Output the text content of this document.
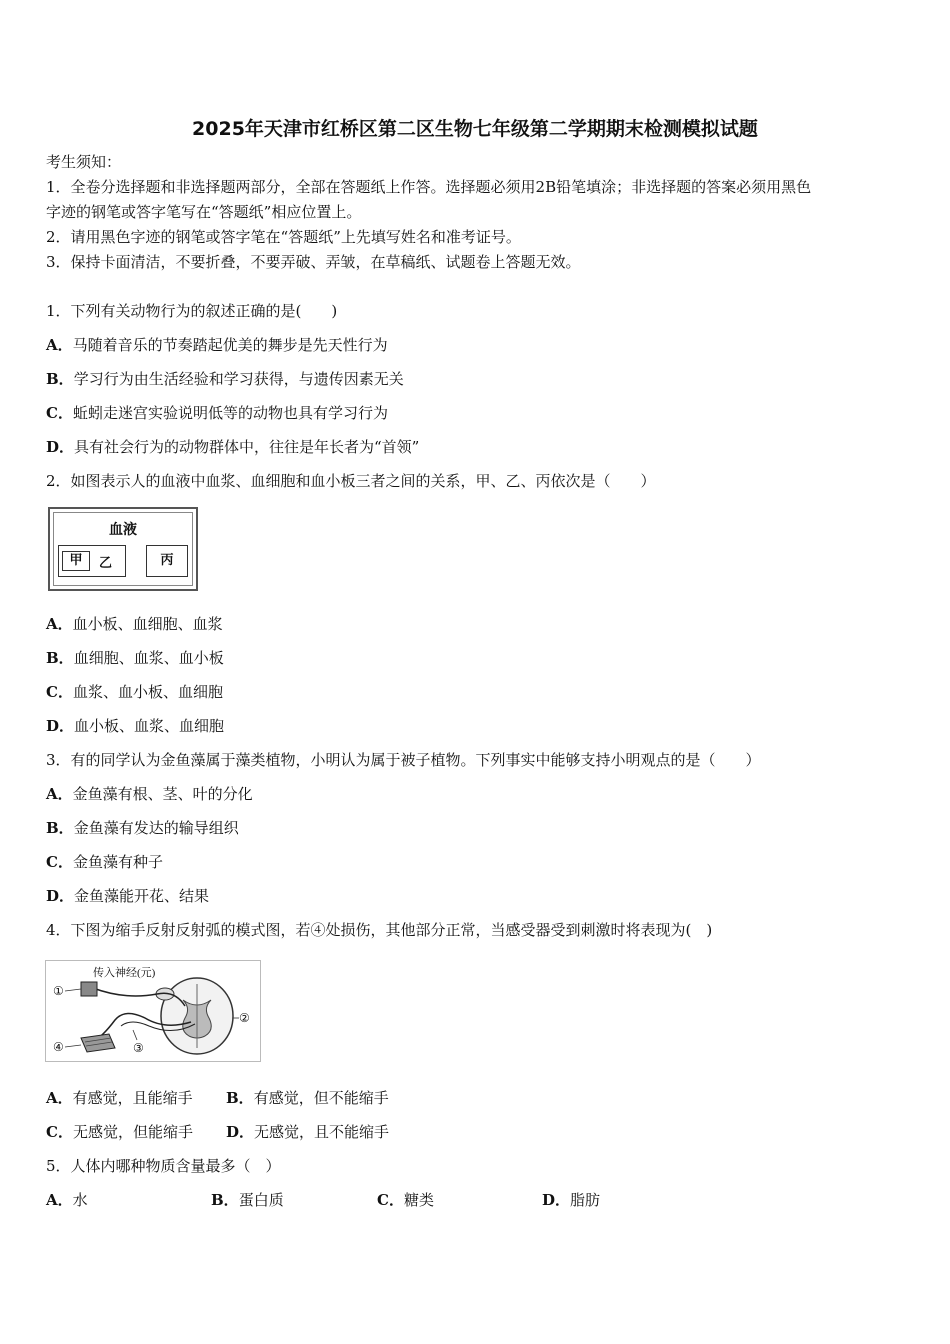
2025年天津市红桥区第二区生物七年级第二学期期末检测模拟试题
考生须知：
1．全卷分选择题和非选择题两部分，全部在答题纸上作答。选择题必须用2B铅笔填涂；非选择题的答案必须用黑色
字迹的钢笔或答字笔写在“答题纸”相应位置上。
2．请用黑色字迹的钢笔或答字笔在“答题纸”上先填写姓名和准考证号。
3．保持卡面清洁，不要折叠，不要弄破、弄皱，在草稿纸、试题卷上答题无效。
1．下列有关动物行为的叙述正确的是(　　)
A．马随着音乐的节奏踏起优美的舞步是先天性行为
B．学习行为由生活经验和学习获得，与遗传因素无关
C．蚯蚓走迷宫实验说明低等的动物也具有学习行为
D．具有社会行为的动物群体中，往往是年长者为“首领”
2．如图表示人的血液中血浆、血细胞和血小板三者之间的关系，甲、乙、丙依次是（　　）
血液
甲	乙	丙
A．血小板、血细胞、血浆
B．血细胞、血浆、血小板
C．血浆、血小板、血细胞
D．血小板、血浆、血细胞
3．有的同学认为金鱼藻属于藻类植物，小明认为属于被子植物。下列事实中能够支持小明观点的是（　　）
A．金鱼藻有根、茎、叶的分化
B．金鱼藻有发达的输导组织
C．金鱼藻有种子
D．金鱼藻能开花、结果
4．下图为缩手反射反射弧的模式图，若④处损伤，其他部分正常，当感受器受到刺激时将表现为(　)
传入神经(元)
①
②
③
④
A．有感觉，且能缩手 B．有感觉，但不能缩手
C．无感觉，但能缩手 D．无感觉，且不能缩手
5．人体内哪种物质含量最多（　）
A．水	B．蛋白质	C．糖类	D．脂肪
